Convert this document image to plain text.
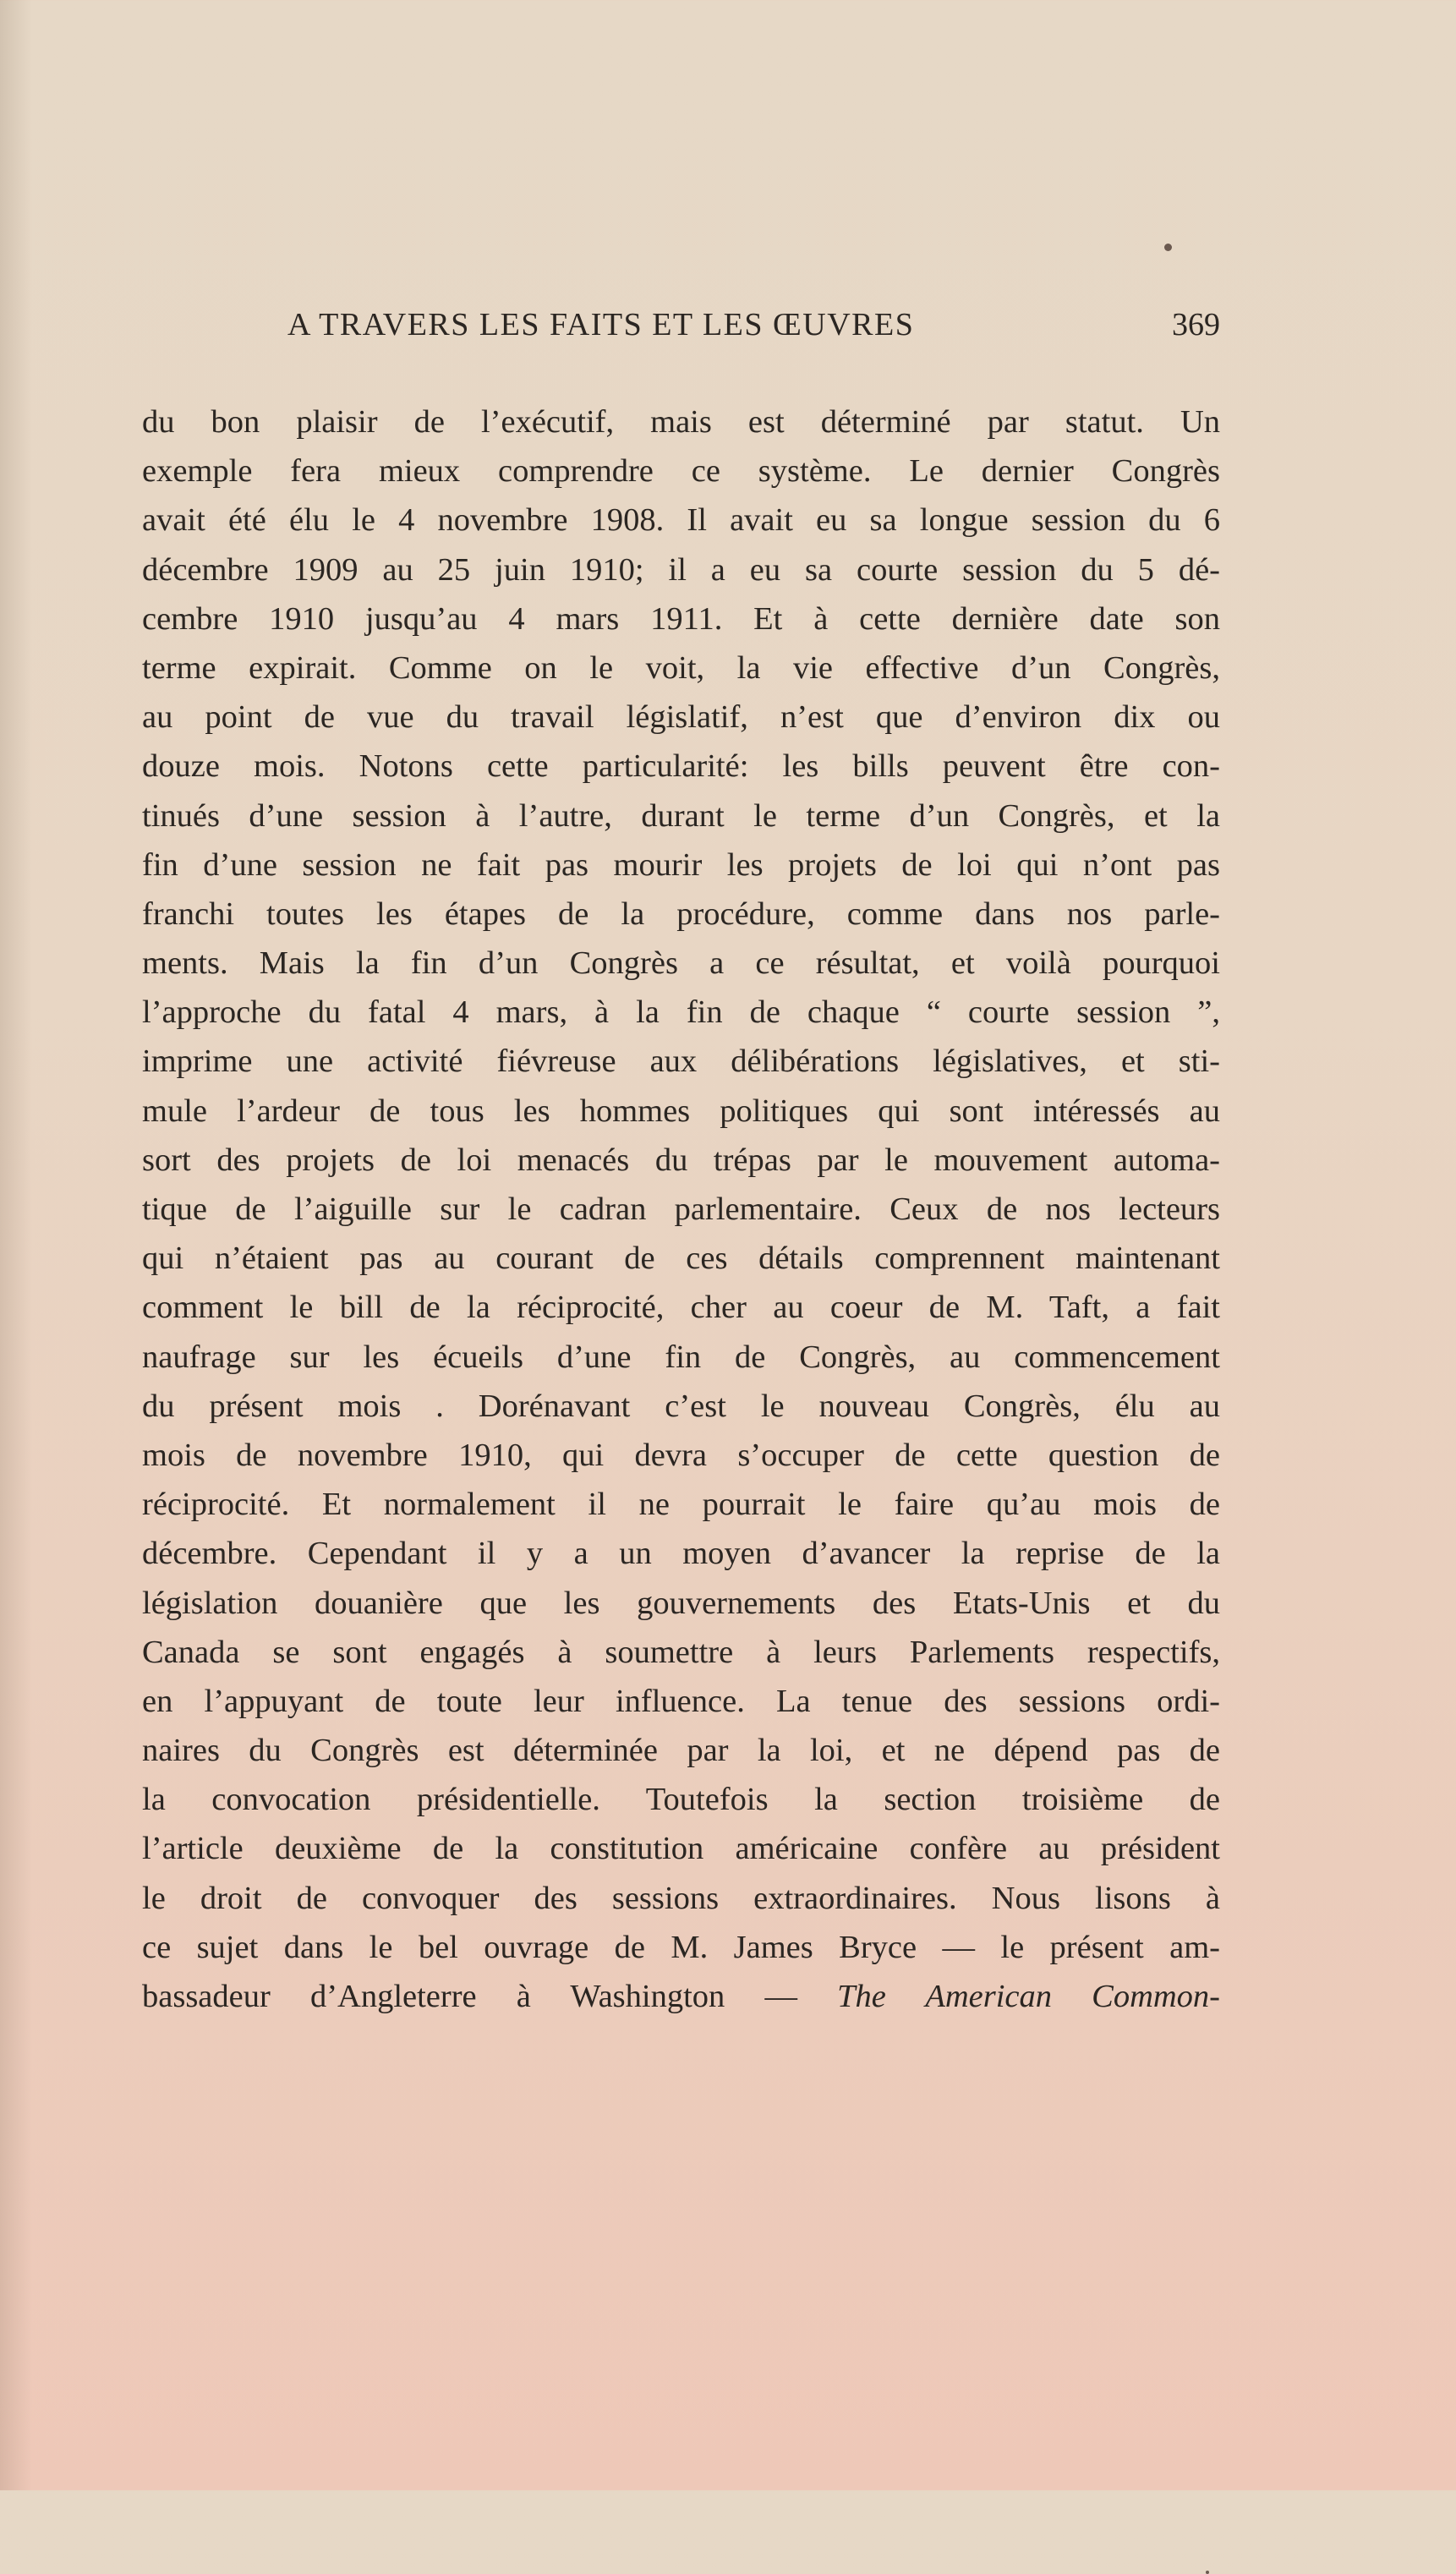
A TRAVERS LES FAITS ET LES ŒUVRES	369
du bon plaisir de l’exécutif, mais est déterminé par statut. Un
exemple fera mieux comprendre ce système. Le dernier Congrès
avait été élu le 4 novembre 1908. Il avait eu sa longue session du 6
décembre 1909 au 25 juin 1910; il a eu sa courte session du 5 dé-
cembre 1910 jusqu’au 4 mars 1911. Et à cette dernière date son
terme expirait. Comme on le voit, la vie effective d’un Congrès,
au point de vue du travail législatif, n’est que d’environ dix ou
douze mois. Notons cette particularité: les bills peuvent être con-
tinués d’une session à l’autre, durant le terme d’un Congrès, et la
fin d’une session ne fait pas mourir les projets de loi qui n’ont pas
franchi toutes les étapes de la procédure, comme dans nos parle-
ments. Mais la fin d’un Congrès a ce résultat, et voilà pourquoi
l’approche du fatal 4 mars, à la fin de chaque “ courte session ”,
imprime une activité fiévreuse aux délibérations législatives, et sti-
mule l’ardeur de tous les hommes politiques qui sont intéressés au
sort des projets de loi menacés du trépas par le mouvement automa-
tique de l’aiguille sur le cadran parlementaire. Ceux de nos lecteurs
qui n’étaient pas au courant de ces détails comprennent maintenant
comment le bill de la réciprocité, cher au coeur de M. Taft, a fait
naufrage sur les écueils d’une fin de Congrès, au commencement
du présent mois . Dorénavant c’est le nouveau Congrès, élu au
mois de novembre 1910, qui devra s’occuper de cette question de
réciprocité. Et normalement il ne pourrait le faire qu’au mois de
décembre. Cependant il y a un moyen d’avancer la reprise de la
législation douanière que les gouvernements des Etats-Unis et du
Canada se sont engagés à soumettre à leurs Parlements respectifs,
en l’appuyant de toute leur influence. La tenue des sessions ordi-
naires du Congrès est déterminée par la loi, et ne dépend pas de
la convocation présidentielle. Toutefois la section troisième de
l’article deuxième de la constitution américaine confère au président
le droit de convoquer des sessions extraordinaires. Nous lisons à
ce sujet dans le bel ouvrage de M. James Bryce — le présent am-
bassadeur d’Angleterre à Washington — The American Common-
